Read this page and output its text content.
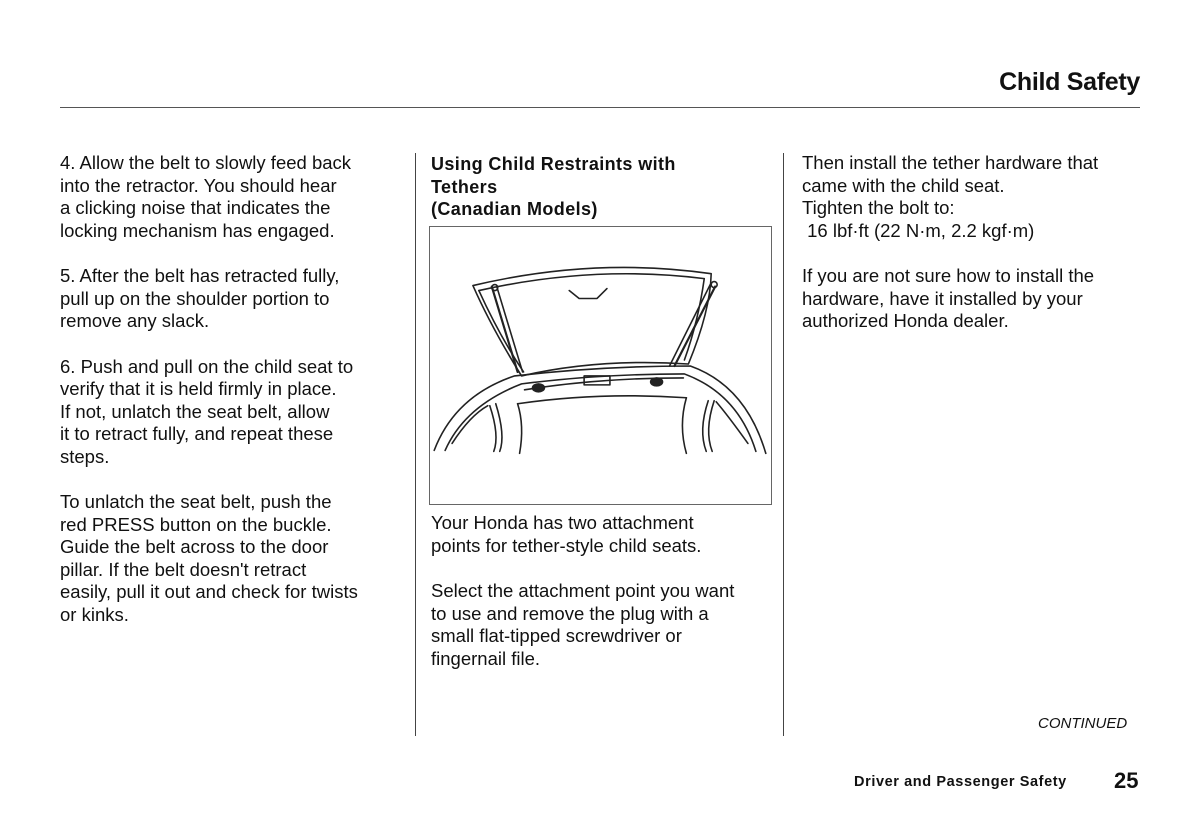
Child Safety
4. Allow the belt to slowly feed back
into the retractor. You should hear
a clicking noise that indicates the
locking mechanism has engaged.
5. After the belt has retracted fully,
pull up on the shoulder portion to
remove any slack.
6. Push and pull on the child seat to
verify that it is held firmly in place.
If not, unlatch the seat belt, allow
it to retract fully, and repeat these
steps.
To unlatch the seat belt, push the
red PRESS button on the buckle.
Guide the belt across to the door
pillar. If the belt doesn't retract
easily, pull it out and check for twists
or kinks.
Using Child Restraints with
Tethers
(Canadian Models)
Your Honda has two attachment
points for tether-style child seats.
Select the attachment point you want
to use and remove the plug with a
small flat-tipped screwdriver or
fingernail file.
Then install the tether hardware that
came with the child seat.
Tighten the bolt to:
16 lbf·ft (22 N·m, 2.2 kgf·m)
If you are not sure how to install the
hardware, have it installed by your
authorized Honda dealer.
CONTINUED
Driver and Passenger Safety 25
